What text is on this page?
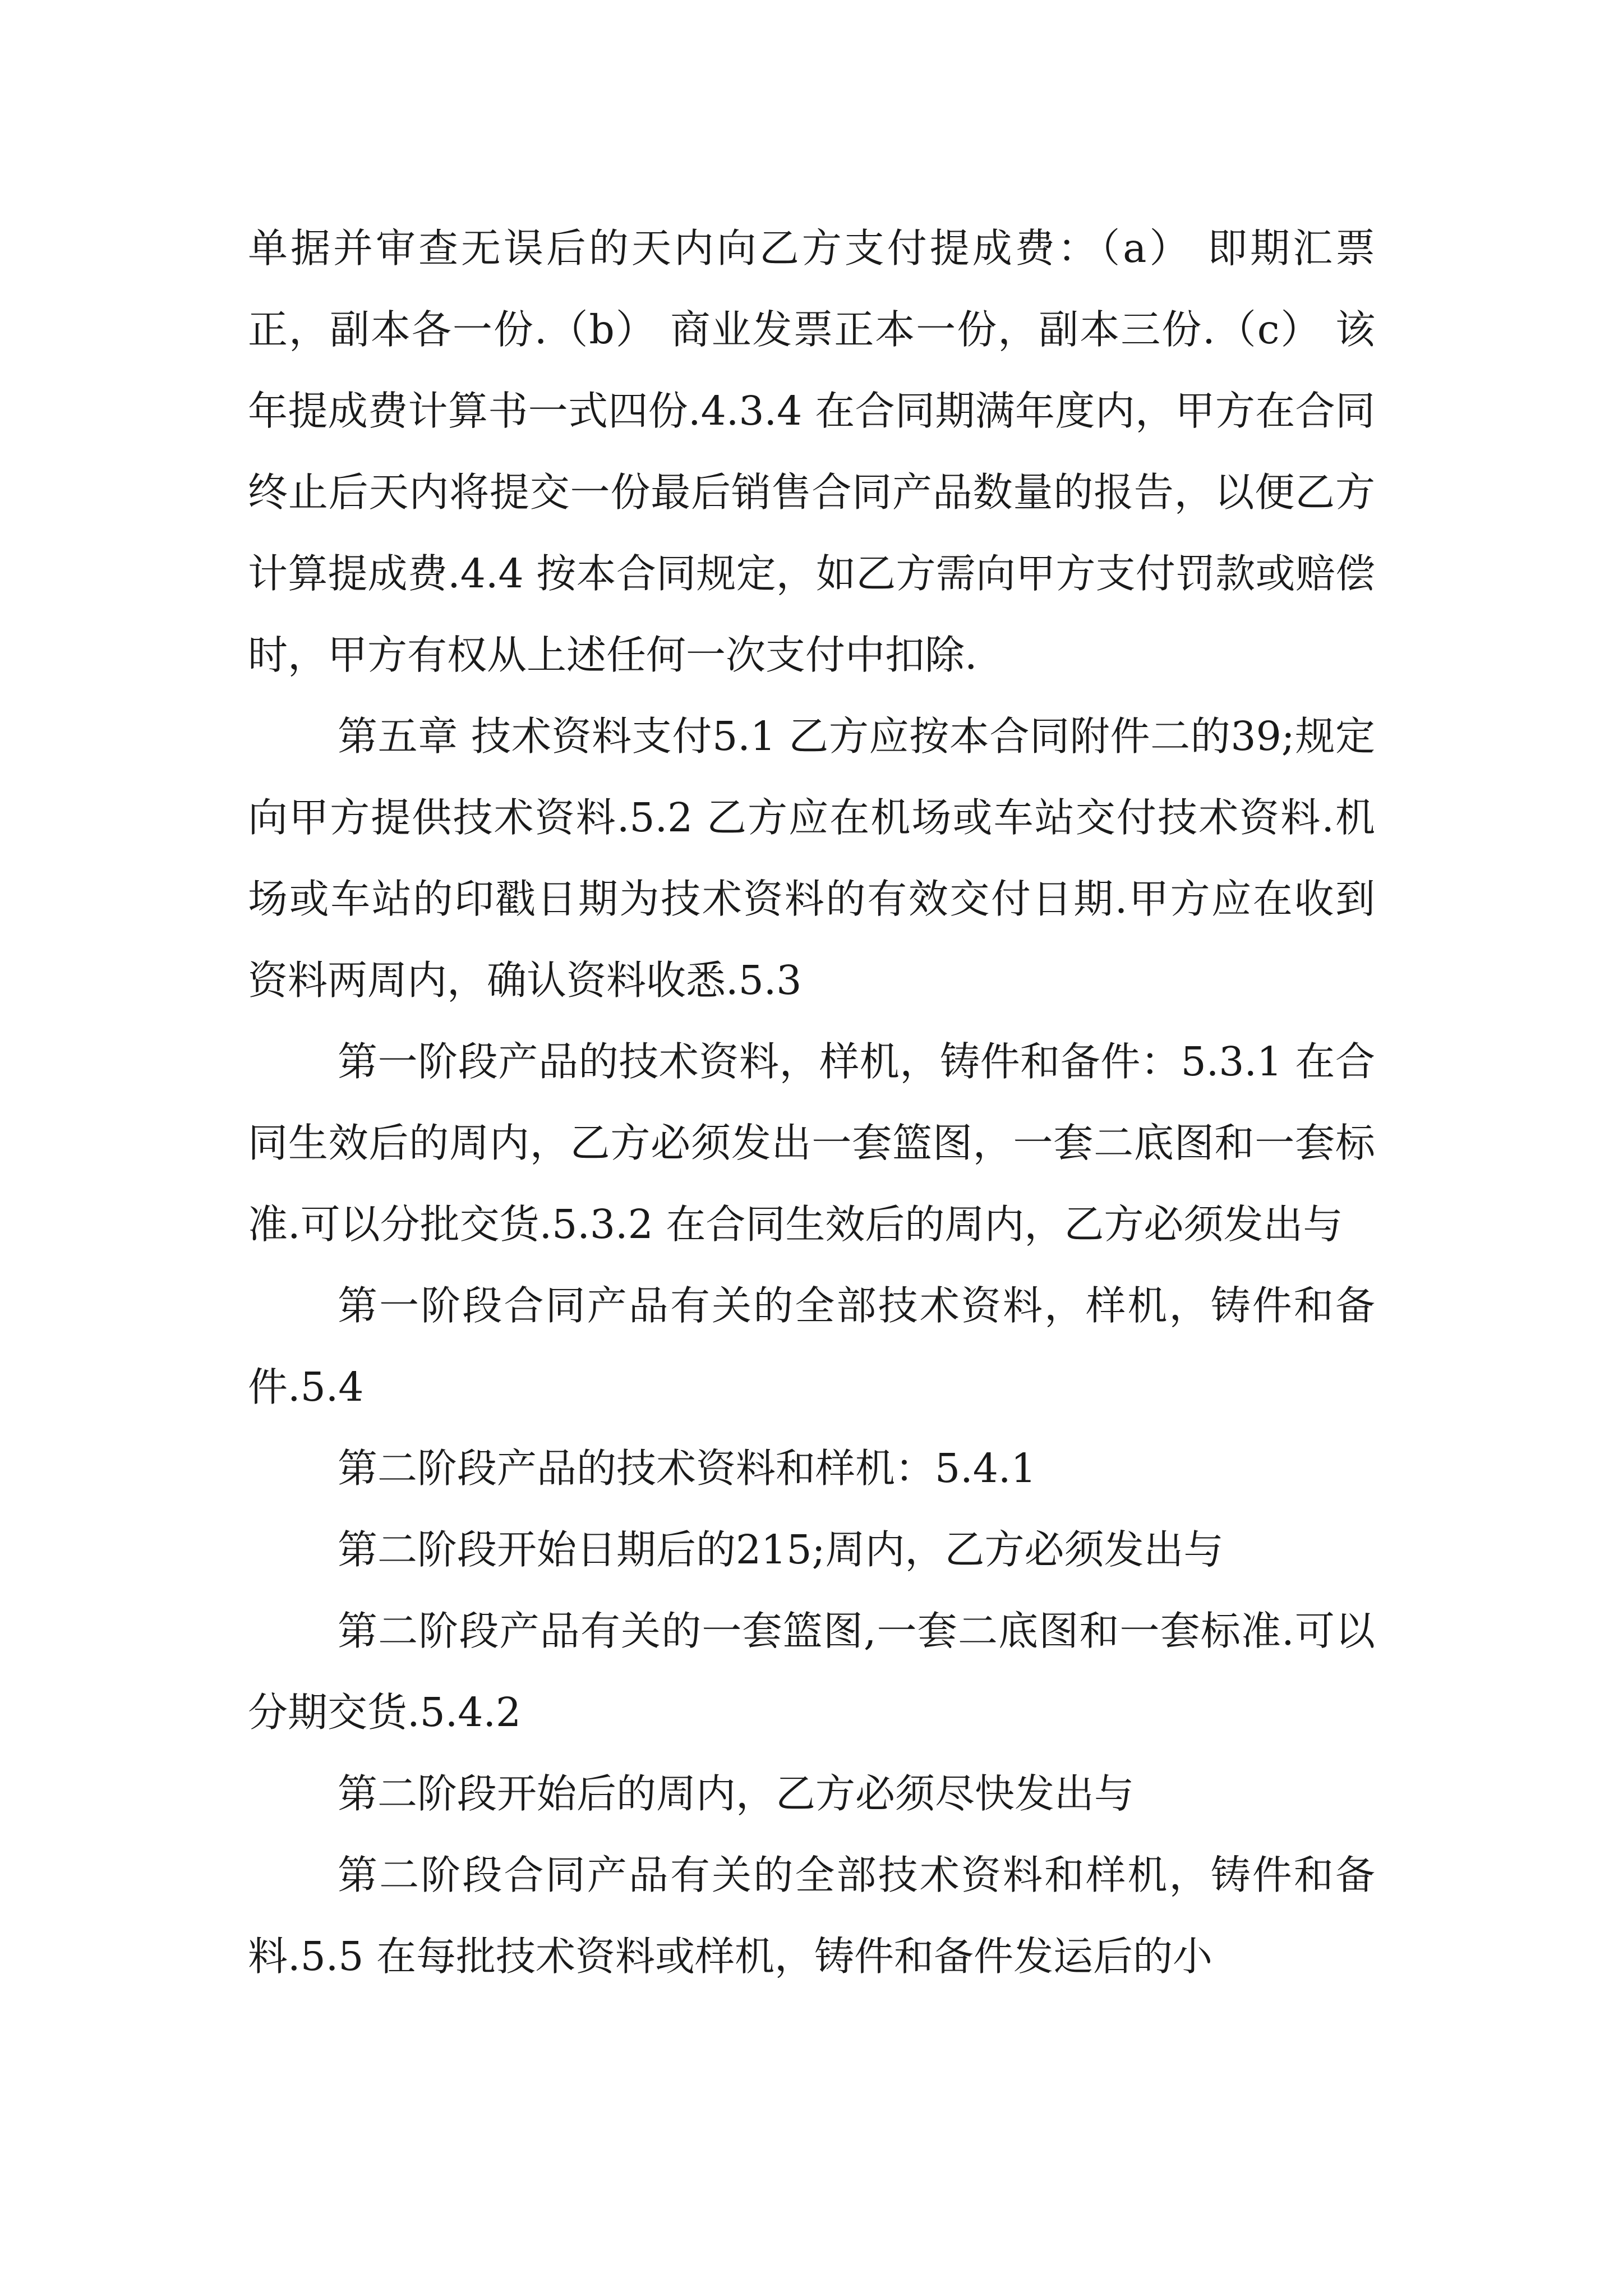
单据并审查无误后的天内向乙方支付提成费：（a） 即期汇票正，副本各一份.（b） 商业发票正本一份，副本三份.（c） 该年提成费计算书一式四份.4.3.4 在合同期满年度内，甲方在合同终止后天内将提交一份最后销售合同产品数量的报告，以便乙方计算提成费.4.4 按本合同规定，如乙方需向甲方支付罚款或赔偿时，甲方有权从上述任何一次支付中扣除.

第五章 技术资料支付5.1 乙方应按本合同附件二的39;规定向甲方提供技术资料.5.2 乙方应在机场或车站交付技术资料.机场或车站的印戳日期为技术资料的有效交付日期.甲方应在收到资料两周内，确认资料收悉.5.3

第一阶段产品的技术资料，样机，铸件和备件：5.3.1 在合同生效后的周内，乙方必须发出一套篮图，一套二底图和一套标准.可以分批交货.5.3.2 在合同生效后的周内，乙方必须发出与

第一阶段合同产品有关的全部技术资料，样机，铸件和备件.5.4

第二阶段产品的技术资料和样机：5.4.1

第二阶段开始日期后的215;周内，乙方必须发出与

第二阶段产品有关的一套篮图,一套二底图和一套标准.可以分期交货.5.4.2

第二阶段开始后的周内，乙方必须尽快发出与

第二阶段合同产品有关的全部技术资料和样机，铸件和备料.5.5 在每批技术资料或样机，铸件和备件发运后的小
